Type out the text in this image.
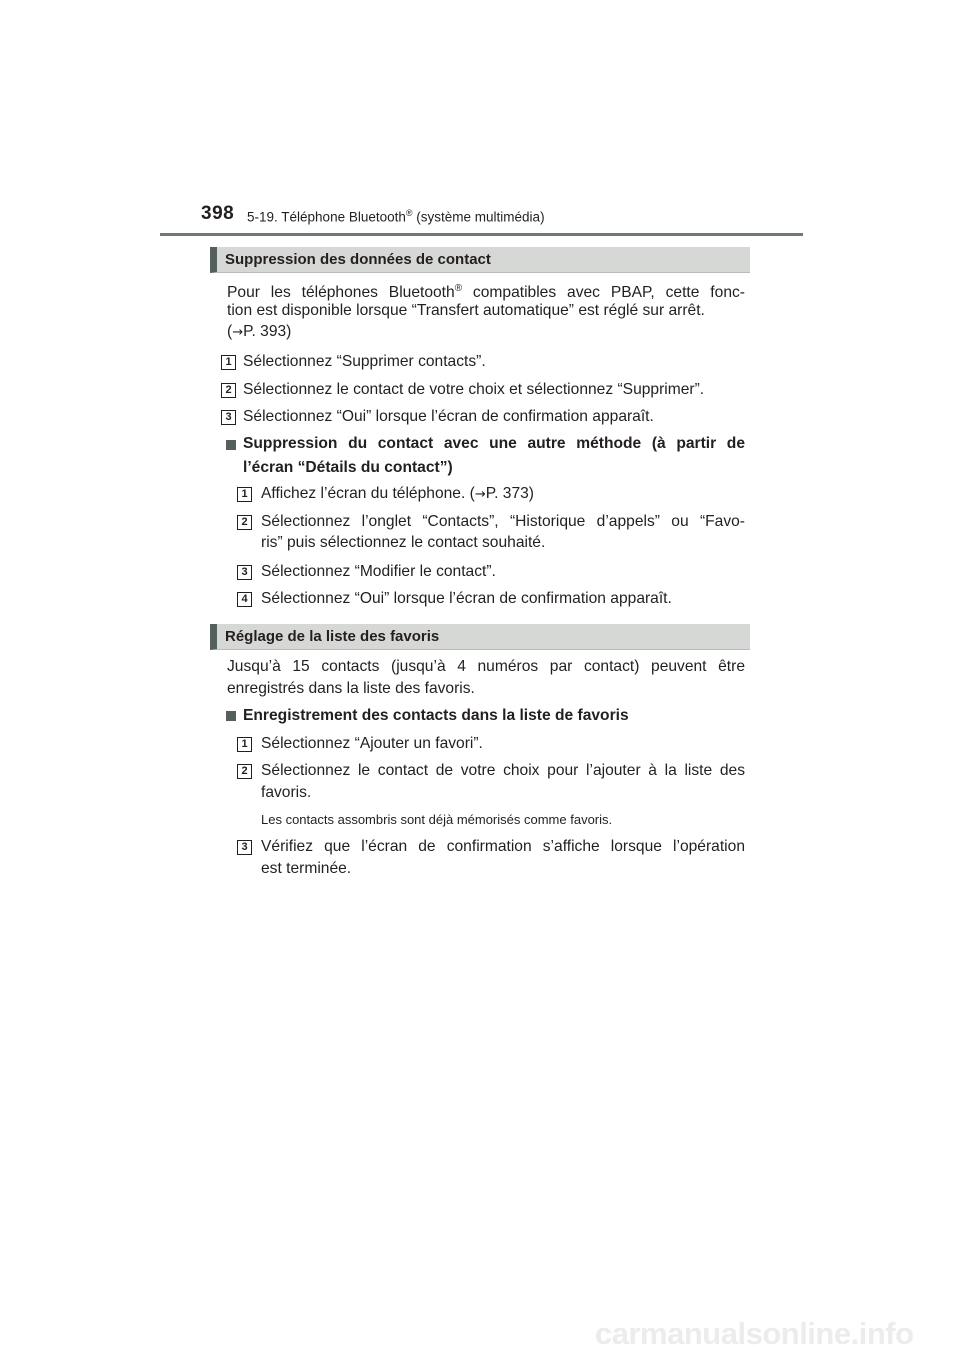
398 5-19. Téléphone Bluetooth® (système multimédia)
Suppression des données de contact
Pour les téléphones Bluetooth® compatibles avec PBAP, cette fonc-
tion est disponible lorsque “Transfert automatique” est réglé sur arrêt.
(→P. 393)
1 Sélectionnez “Supprimer contacts”.
2 Sélectionnez le contact de votre choix et sélectionnez “Supprimer”.
3 Sélectionnez “Oui” lorsque l’écran de confirmation apparaît.
Suppression du contact avec une autre méthode (à partir de
l’écran “Détails du contact”)
1 Affichez l’écran du téléphone. (→P. 373)
2 Sélectionnez l’onglet “Contacts”, “Historique d’appels” ou “Favo-
ris” puis sélectionnez le contact souhaité.
3 Sélectionnez “Modifier le contact”.
4 Sélectionnez “Oui” lorsque l’écran de confirmation apparaît.
Réglage de la liste des favoris
Jusqu’à 15 contacts (jusqu’à 4 numéros par contact) peuvent être
enregistrés dans la liste des favoris.
Enregistrement des contacts dans la liste de favoris
1 Sélectionnez “Ajouter un favori”.
2 Sélectionnez le contact de votre choix pour l’ajouter à la liste des
favoris.
Les contacts assombris sont déjà mémorisés comme favoris.
3 Vérifiez que l’écran de confirmation s’affiche lorsque l’opération
est terminée.
carmanualsonline.info
